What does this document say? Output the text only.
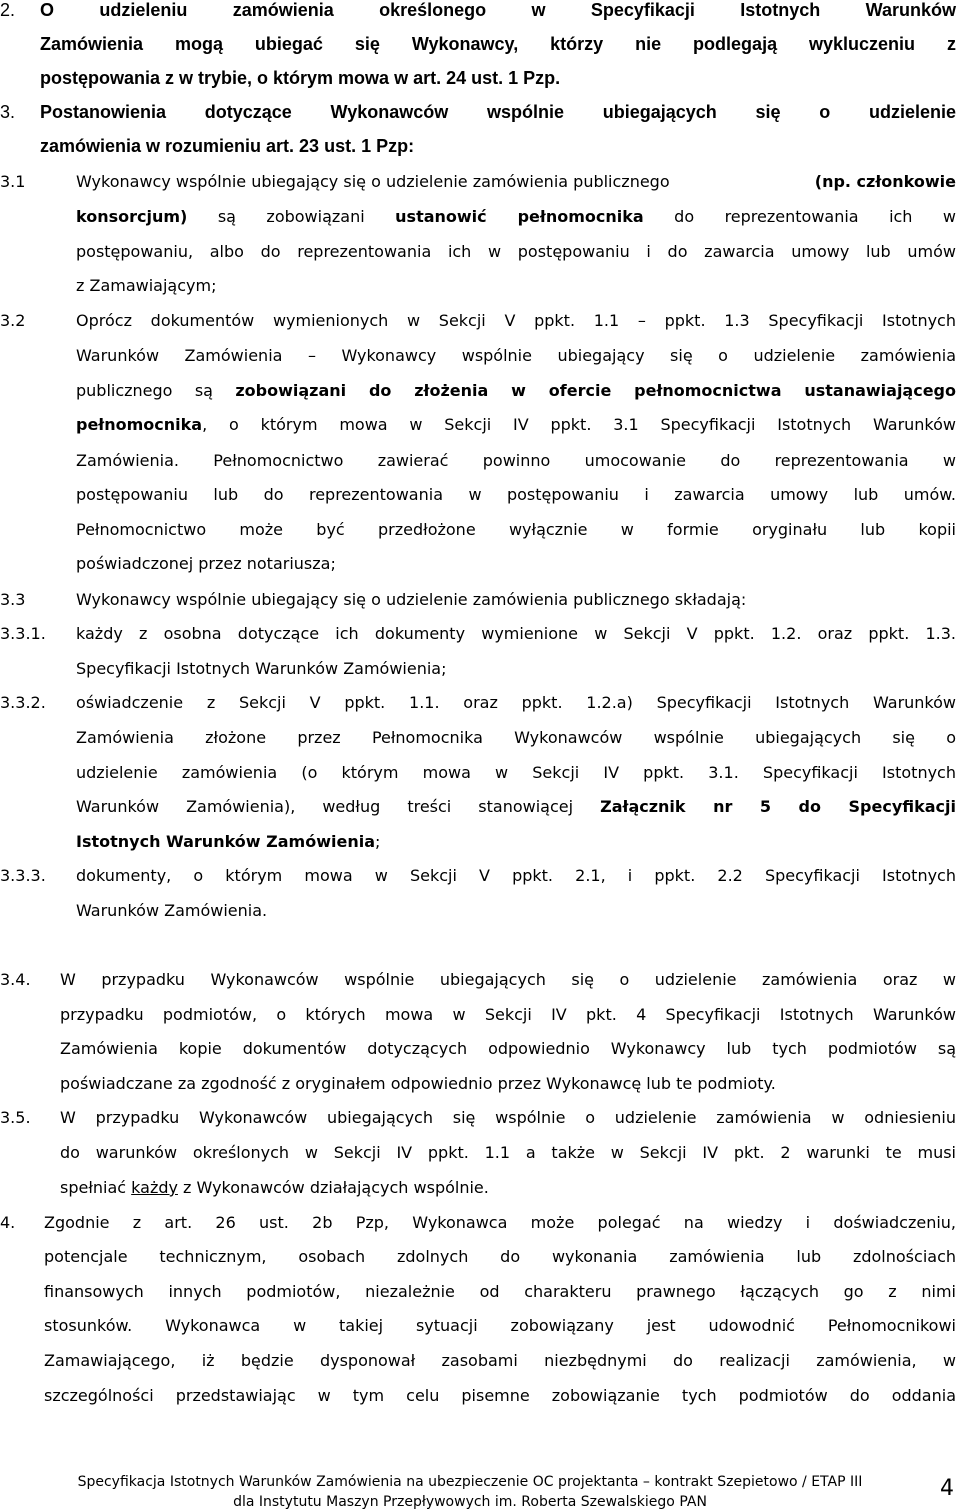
2. O udzieleniu zamówienia określonego w Specyfikacji Istotnych Warunków
Zamówienia mogą ubiegać się Wykonawcy, którzy nie podlegają wykluczeniu z
postępowania z w trybie, o którym mowa w art. 24 ust. 1 Pzp.
3. Postanowienia dotyczące Wykonawców wspólnie ubiegających się o udzielenie
zamówienia w rozumieniu art. 23 ust. 1 Pzp:
3.1	Wykonawcy wspólnie ubiegający się o udzielenie zamówienia publicznego	(np. członkowie
konsorcjum) są zobowiązani ustanowić pełnomocnika do reprezentowania ich w
postępowaniu, albo do reprezentowania ich w postępowaniu i do zawarcia umowy lub umów
z Zamawiającym;
3.2	Oprócz dokumentów wymienionych w Sekcji V ppkt. 1.1 – ppkt. 1.3 Specyfikacji Istotnych
Warunków Zamówienia – Wykonawcy wspólnie ubiegający się o udzielenie zamówienia
publicznego są zobowiązani do złożenia w ofercie pełnomocnictwa ustanawiającego
pełnomocnika, o którym mowa w Sekcji IV ppkt. 3.1 Specyfikacji Istotnych Warunków
Zamówienia. Pełnomocnictwo zawierać powinno umocowanie do reprezentowania w
postępowaniu lub do reprezentowania w postępowaniu i zawarcia umowy lub umów.
Pełnomocnictwo może być przedłożone wyłącznie w formie oryginału lub kopii
poświadczonej przez notariusza;
3.3	Wykonawcy wspólnie ubiegający się o udzielenie zamówienia publicznego składają:
3.3.1. każdy z osobna dotyczące ich dokumenty wymienione w Sekcji V ppkt. 1.2. oraz ppkt. 1.3.
Specyfikacji Istotnych Warunków Zamówienia;
3.3.2. oświadczenie z Sekcji V ppkt. 1.1. oraz ppkt. 1.2.a) Specyfikacji Istotnych Warunków
Zamówienia złożone przez Pełnomocnika Wykonawców wspólnie ubiegających się o
udzielenie zamówienia (o którym mowa w Sekcji IV ppkt. 3.1. Specyfikacji Istotnych
Warunków Zamówienia), według treści stanowiącej Załącznik nr 5 do Specyfikacji
Istotnych Warunków Zamówienia;
3.3.3. dokumenty, o którym mowa w Sekcji V ppkt. 2.1, i ppkt. 2.2 Specyfikacji Istotnych
Warunków Zamówienia.
3.4. W przypadku Wykonawców wspólnie ubiegających się o udzielenie zamówienia oraz w
przypadku podmiotów, o których mowa w Sekcji IV pkt. 4 Specyfikacji Istotnych Warunków
Zamówienia kopie dokumentów dotyczących odpowiednio Wykonawcy lub tych podmiotów są
poświadczane za zgodność z oryginałem odpowiednio przez Wykonawcę lub te podmioty.
3.5. W przypadku Wykonawców ubiegających się wspólnie o udzielenie zamówienia w odniesieniu
do warunków określonych w Sekcji IV ppkt. 1.1 a także w Sekcji IV pkt. 2 warunki te musi
spełniać każdy z Wykonawców działających wspólnie.
4. Zgodnie z art. 26 ust. 2b Pzp, Wykonawca może polegać na wiedzy i doświadczeniu,
potencjale technicznym, osobach zdolnych do wykonania zamówienia lub zdolnościach
finansowych innych podmiotów, niezależnie od charakteru prawnego łączących go z nimi
stosunków. Wykonawca w takiej sytuacji zobowiązany jest udowodnić Pełnomocnikowi
Zamawiającego, iż będzie dysponował zasobami niezbędnymi do realizacji zamówienia, w
szczególności przedstawiając w tym celu pisemne zobowiązanie tych podmiotów do oddania
Specyfikacja Istotnych Warunków Zamówienia na ubezpieczenie OC projektanta – kontrakt Szepietowo / ETAP III
dla Instytutu Maszyn Przepływowych im. Roberta Szewalskiego PAN
4
